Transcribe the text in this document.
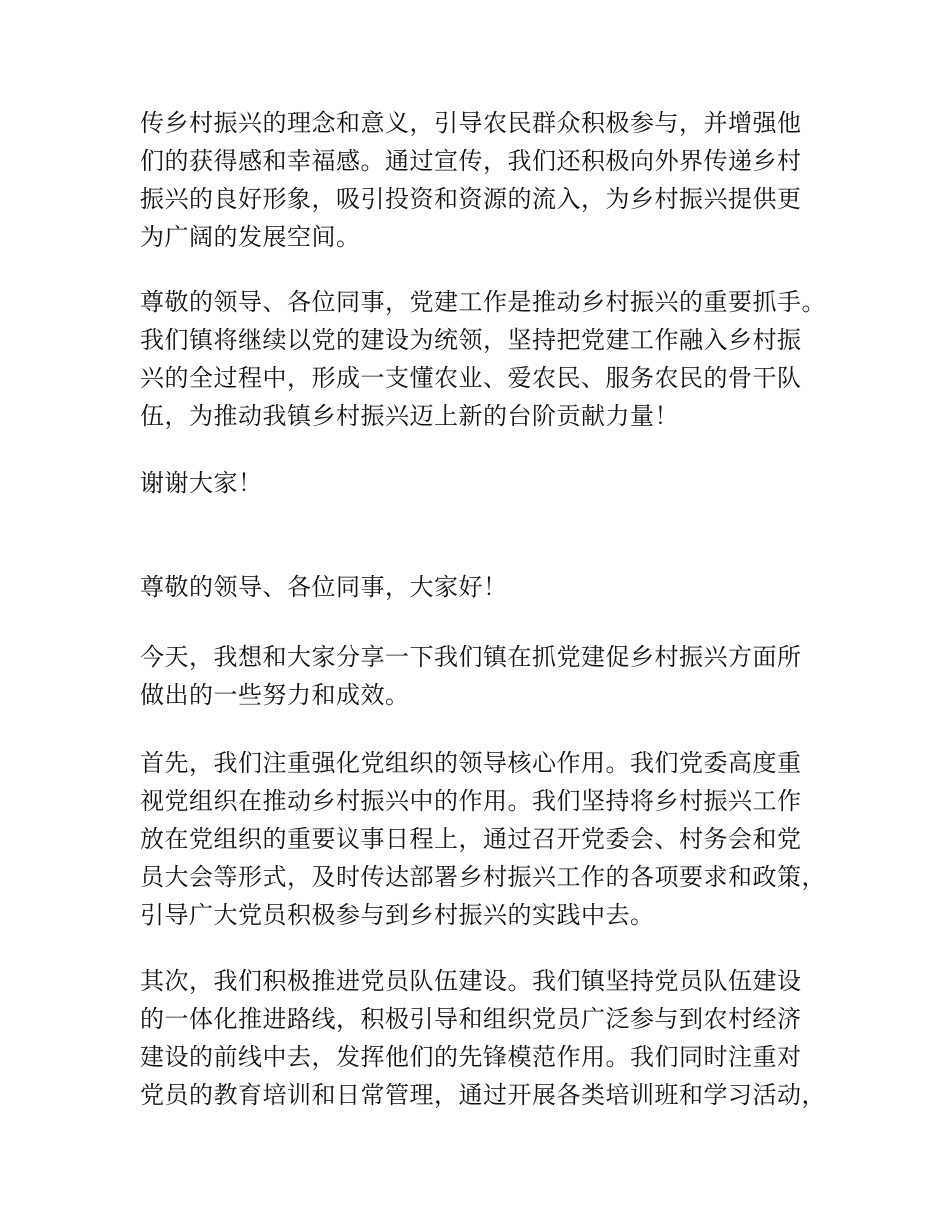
传乡村振兴的理念和意义，引导农民群众积极参与，并增强他

们的获得感和幸福感。通过宣传，我们还积极向外界传递乡村

振兴的良好形象，吸引投资和资源的流入，为乡村振兴提供更

为广阔的发展空间。

尊敬的领导、各位同事，党建工作是推动乡村振兴的重要抓手。

我们镇将继续以党的建设为统领，坚持把党建工作融入乡村振

兴的全过程中，形成一支懂农业、爱农民、服务农民的骨干队

伍，为推动我镇乡村振兴迈上新的台阶贡献力量！

谢谢大家！

尊敬的领导、各位同事，大家好！

今天，我想和大家分享一下我们镇在抓党建促乡村振兴方面所

做出的一些努力和成效。

首先，我们注重强化党组织的领导核心作用。我们党委高度重

视党组织在推动乡村振兴中的作用。我们坚持将乡村振兴工作

放在党组织的重要议事日程上，通过召开党委会、村务会和党

员大会等形式，及时传达部署乡村振兴工作的各项要求和政策，

引导广大党员积极参与到乡村振兴的实践中去。

其次，我们积极推进党员队伍建设。我们镇坚持党员队伍建设

的一体化推进路线，积极引导和组织党员广泛参与到农村经济

建设的前线中去，发挥他们的先锋模范作用。我们同时注重对

党员的教育培训和日常管理，通过开展各类培训班和学习活动，
